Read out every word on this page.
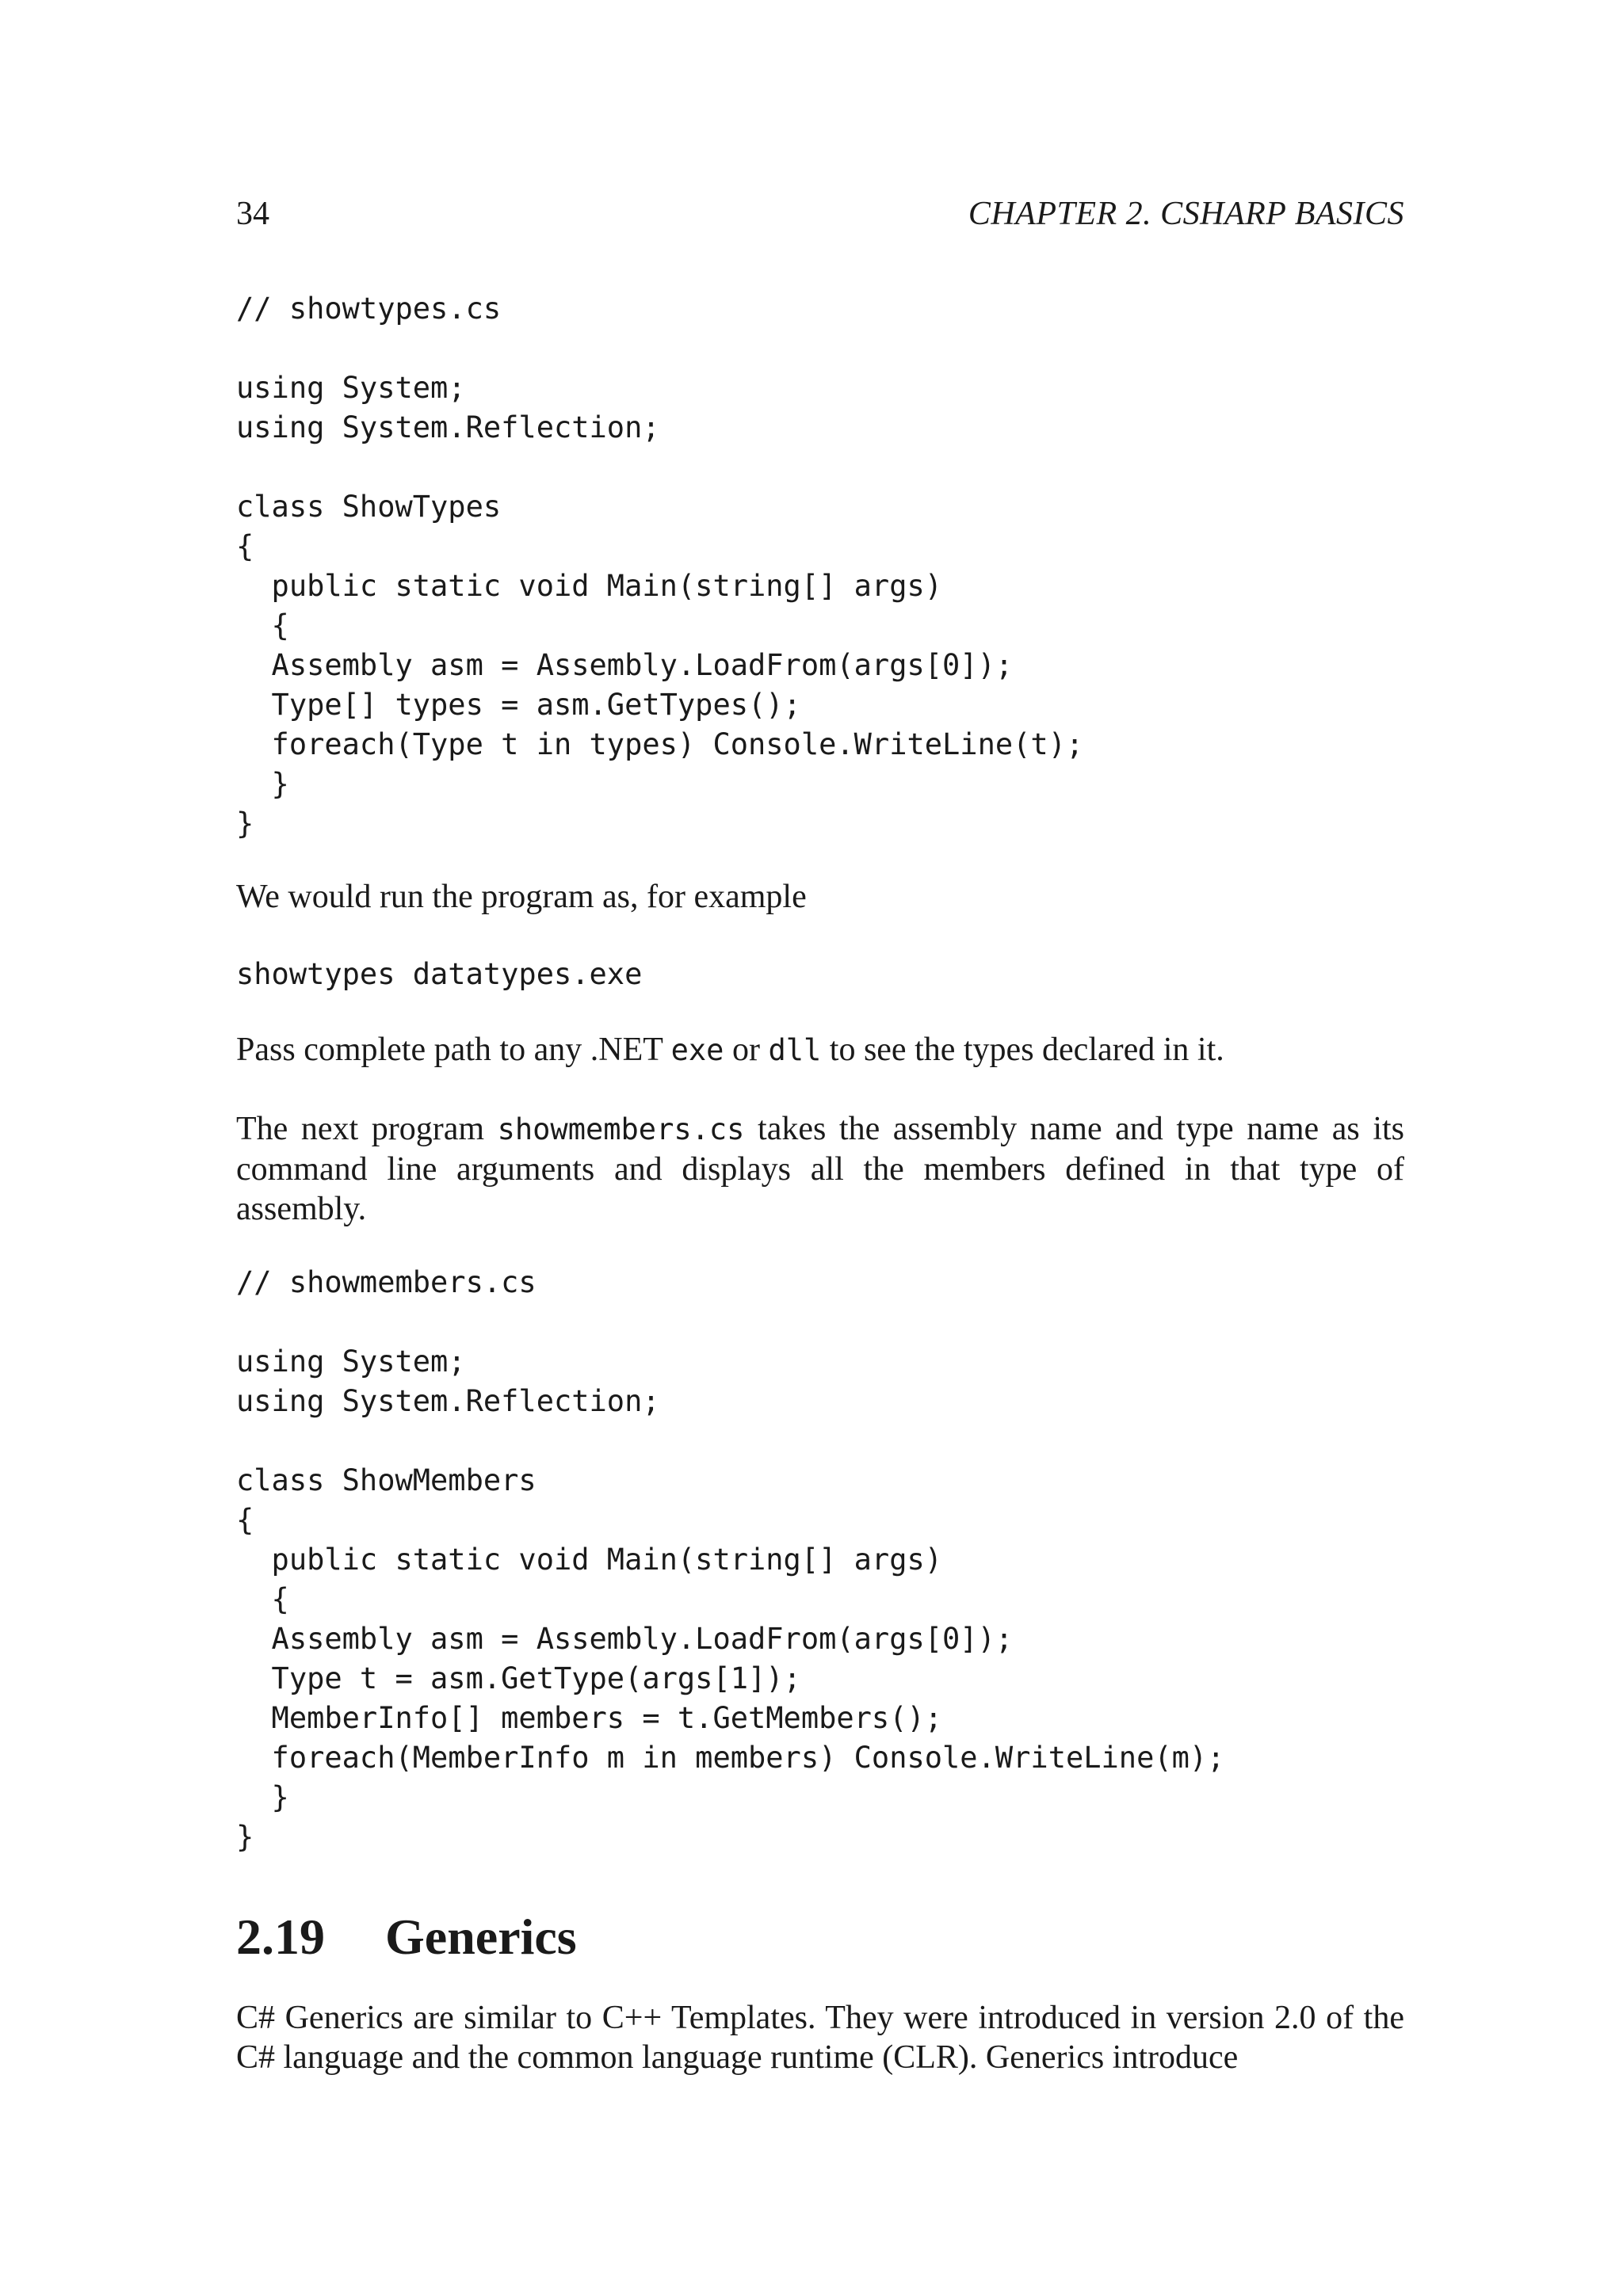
34	CHAPTER 2. CSHARP BASICS
// showtypes.cs

using System;
using System.Reflection;

class ShowTypes
{
public static void Main(string[] args)
{
Assembly asm = Assembly.LoadFrom(args[0]);
Type[] types = asm.GetTypes();
foreach(Type t in types) Console.WriteLine(t);
}
}

We would run the program as, for example

showtypes datatypes.exe

Pass complete path to any .NET exe or dll to see the types declared in it.

The next program showmembers.cs takes the assembly name and type name as its command line arguments and displays all the members defined in that type of assembly.

// showmembers.cs

using System;
using System.Reflection;

class ShowMembers
{
public static void Main(string[] args)
{
Assembly asm = Assembly.LoadFrom(args[0]);
Type t = asm.GetType(args[1]);
MemberInfo[] members = t.GetMembers();
foreach(MemberInfo m in members) Console.WriteLine(m);
}
}
2.19 Generics

C# Generics are similar to C++ Templates. They were introduced in version 2.0 of the C# language and the common language runtime (CLR). Generics introduce
